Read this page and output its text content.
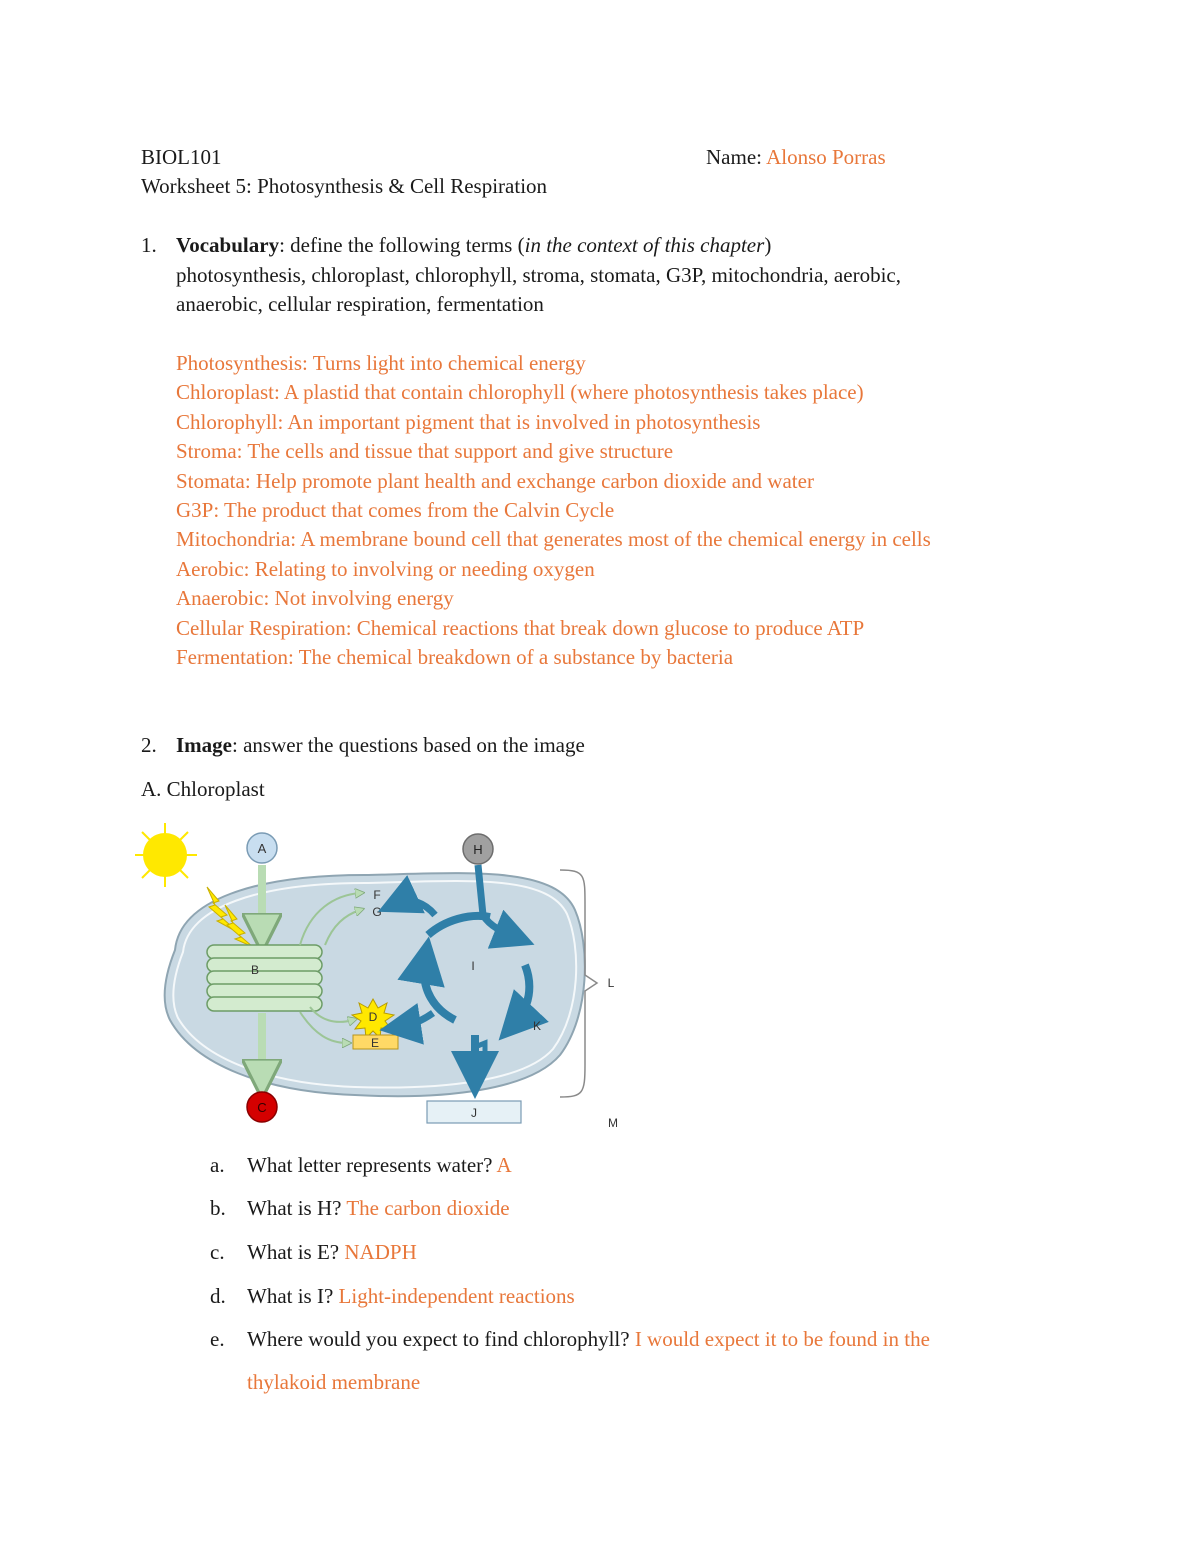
BIOL101	Name: Alonso Porras
Worksheet 5: Photosynthesis & Cell Respiration
1. Vocabulary: define the following terms (in the context of this chapter)
photosynthesis, chloroplast, chlorophyll, stroma, stomata, G3P, mitochondria, aerobic,
anaerobic, cellular respiration, fermentation
Photosynthesis: Turns light into chemical energy
Chloroplast: A plastid that contain chlorophyll (where photosynthesis takes place)
Chlorophyll: An important pigment that is involved in photosynthesis
Stroma: The cells and tissue that support and give structure
Stomata: Help promote plant health and exchange carbon dioxide and water
G3P: The product that comes from the Calvin Cycle
Mitochondria: A membrane bound cell that generates most of the chemical energy in cells
Aerobic: Relating to involving or needing oxygen
Anaerobic: Not involving energy
Cellular Respiration: Chemical reactions that break down glucose to produce ATP
Fermentation: The chemical breakdown of a substance by bacteria
2. Image: answer the questions based on the image
A. Chloroplast
A
B
C
F
G
D
E
H
I
K
J
L
M
a. What letter represents water? A
b. What is H? The carbon dioxide
c. What is E? NADPH
d. What is I? Light-independent reactions
e. Where would you expect to find chlorophyll? I would expect it to be found in the
thylakoid membrane
